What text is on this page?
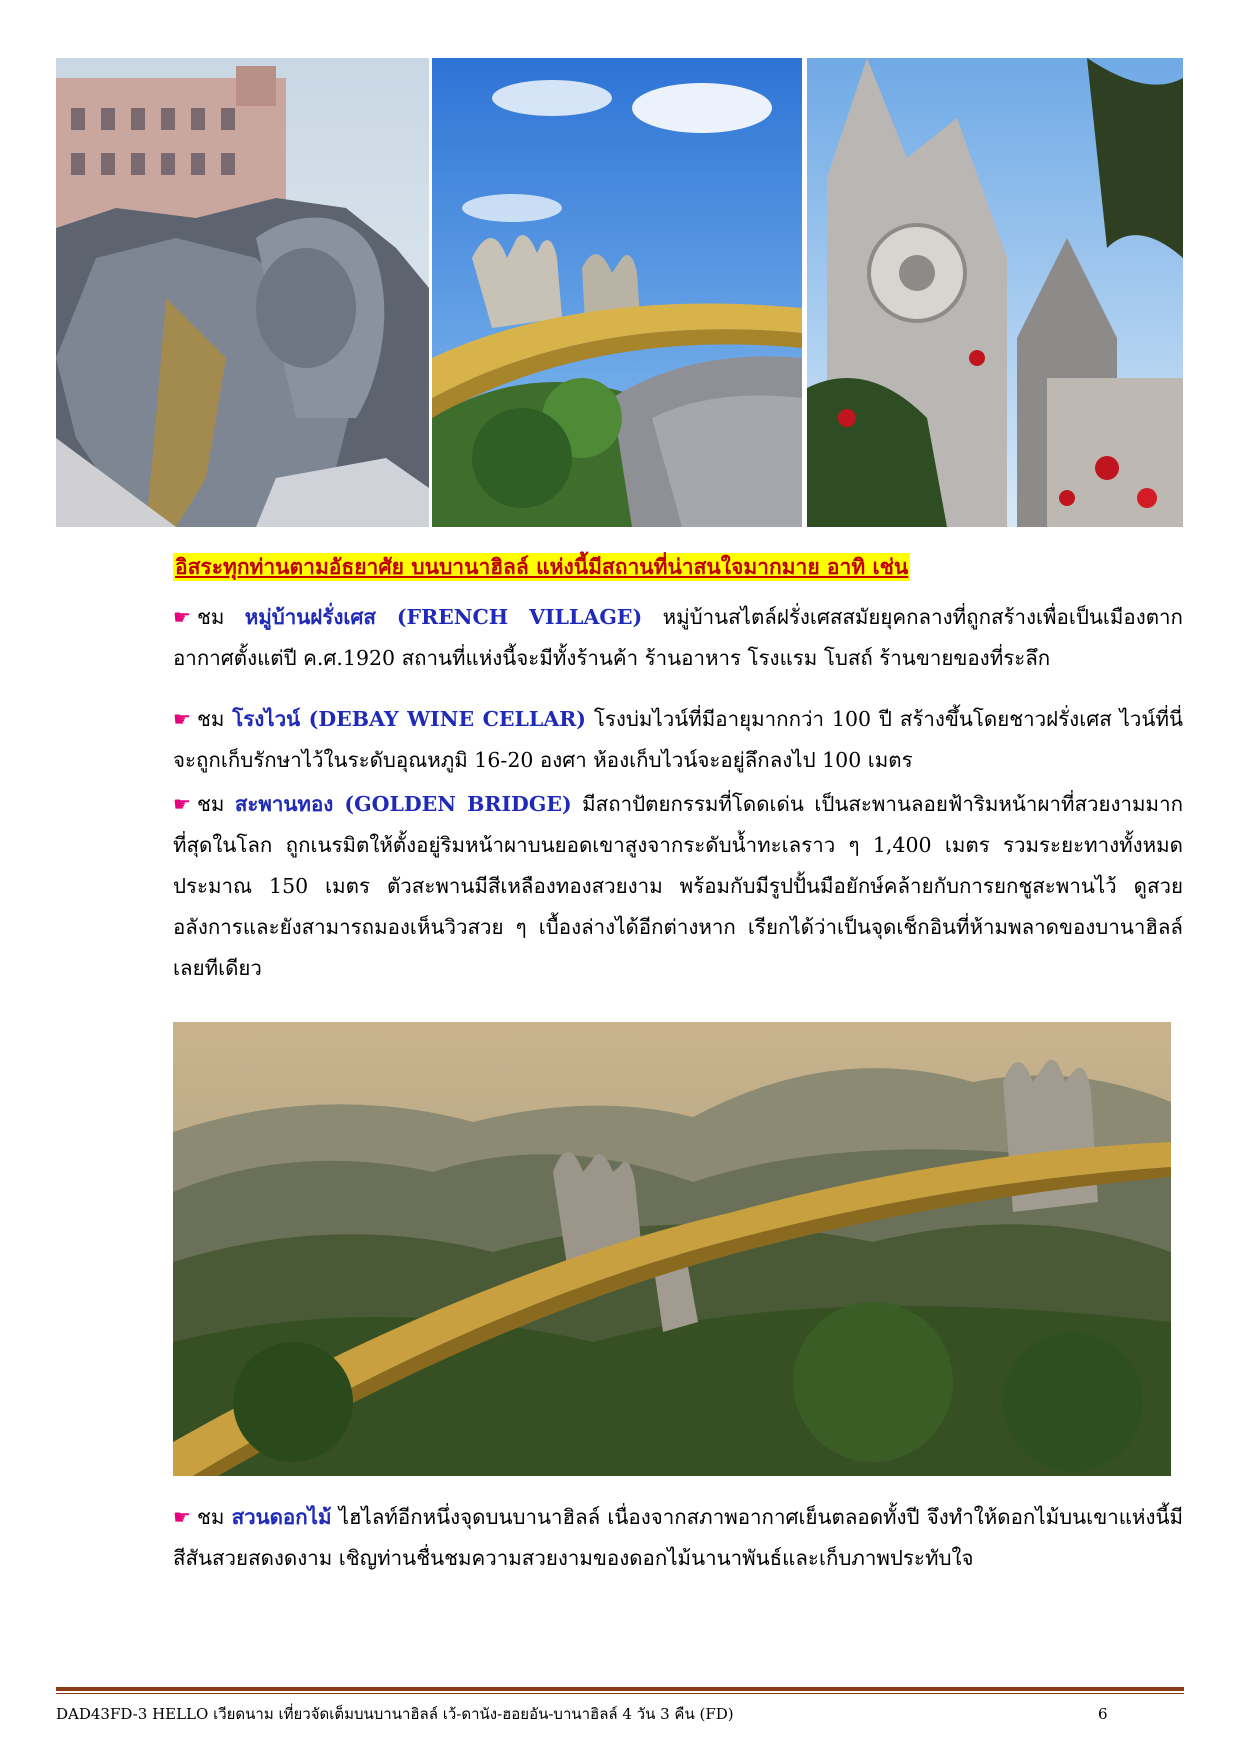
อิสระทุกท่านตามอัธยาศัย บนบานาฮิลล์ แห่งนี้มีสถานที่น่าสนใจมากมาย อาทิ เช่น
☛ ชม หมู่บ้านฝรั่งเศส (FRENCH VILLAGE) หมู่บ้านสไตล์ฝรั่งเศสสมัยยุคกลางที่ถูกสร้างเพื่อเป็นเมืองตากอากาศตั้งแต่ปี ค.ศ.1920 สถานที่แห่งนี้จะมีทั้งร้านค้า ร้านอาหาร โรงแรม โบสถ์ ร้านขายของที่ระลึก
☛ ชม โรงไวน์ (DEBAY WINE CELLAR) โรงบ่มไวน์ที่มีอายุมากกว่า 100 ปี สร้างขึ้นโดยชาวฝรั่งเศส ไวน์ที่นี่จะถูกเก็บรักษาไว้ในระดับอุณหภูมิ 16-20 องศา ห้องเก็บไวน์จะอยู่ลึกลงไป 100 เมตร
☛ ชม สะพานทอง (GOLDEN BRIDGE) มีสถาปัตยกรรมที่โดดเด่น เป็นสะพานลอยฟ้าริมหน้าผาที่สวยงามมากที่สุดในโลก ถูกเนรมิตให้ตั้งอยู่ริมหน้าผาบนยอดเขาสูงจากระดับน้ำทะเลราว ๆ 1,400 เมตร รวมระยะทางทั้งหมดประมาณ 150 เมตร ตัวสะพานมีสีเหลืองทองสวยงาม พร้อมกับมีรูปปั้นมือยักษ์คล้ายกับการยกชูสะพานไว้ ดูสวยอลังการและยังสามารถมองเห็นวิวสวย ๆ เบื้องล่างได้อีกต่างหาก เรียกได้ว่าเป็นจุดเช็กอินที่ห้ามพลาดของบานาฮิลล์เลยทีเดียว
☛ ชม สวนดอกไม้ ไฮไลท์อีกหนึ่งจุดบนบานาฮิลล์ เนื่องจากสภาพอากาศเย็นตลอดทั้งปี จึงทำให้ดอกไม้บนเขาแห่งนี้มีสีสันสวยสดงดงาม เชิญท่านชื่นชมความสวยงามของดอกไม้นานาพันธ์และเก็บภาพประทับใจ
DAD43FD-3 HELLO เวียดนาม เที่ยวจัดเต็มบนบานาฮิลล์ เว้-ดานัง-ฮอยอัน-บานาฮิลล์ 4 วัน 3 คืน (FD)	6
